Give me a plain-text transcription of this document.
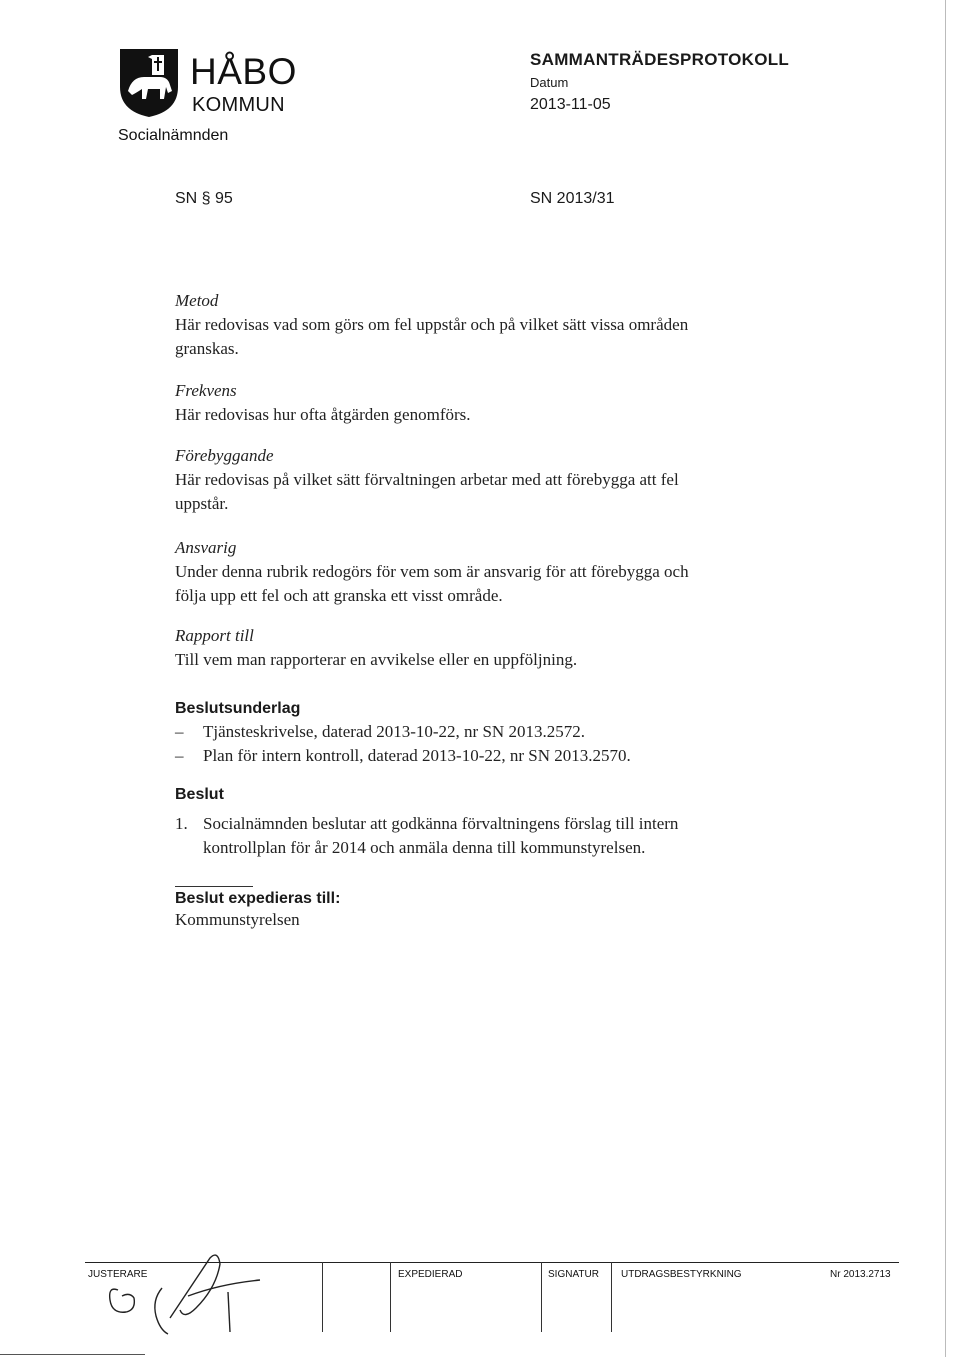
HÅBO
KOMMUN
Socialnämnden
SAMMANTRÄDESPROTOKOLL
Datum
2013-11-05
SN § 95	SN 2013/31
Metod
Här redovisas vad som görs om fel uppstår och på vilket sätt vissa områden
granskas.
Frekvens
Här redovisas hur ofta åtgärden genomförs.
Förebyggande
Här redovisas på vilket sätt förvaltningen arbetar med att förebygga att fel
uppstår.
Ansvarig
Under denna rubrik redogörs för vem som är ansvarig för att förebygga och
följa upp ett fel och att granska ett visst område.
Rapport till
Till vem man rapporterar en avvikelse eller en uppföljning.
Beslutsunderlag
– Tjänsteskrivelse, daterad 2013-10-22, nr SN 2013.2572.
– Plan för intern kontroll, daterad 2013-10-22, nr SN 2013.2570.
Beslut
1. Socialnämnden beslutar att godkänna förvaltningens förslag till intern
kontrollplan för år 2014 och anmäla denna till kommunstyrelsen.
Beslut expedieras till:
Kommunstyrelsen
JUSTERARE	EXPEDIERAD	SIGNATUR UTDRAGSBESTYRKNING	Nr 2013.2713
